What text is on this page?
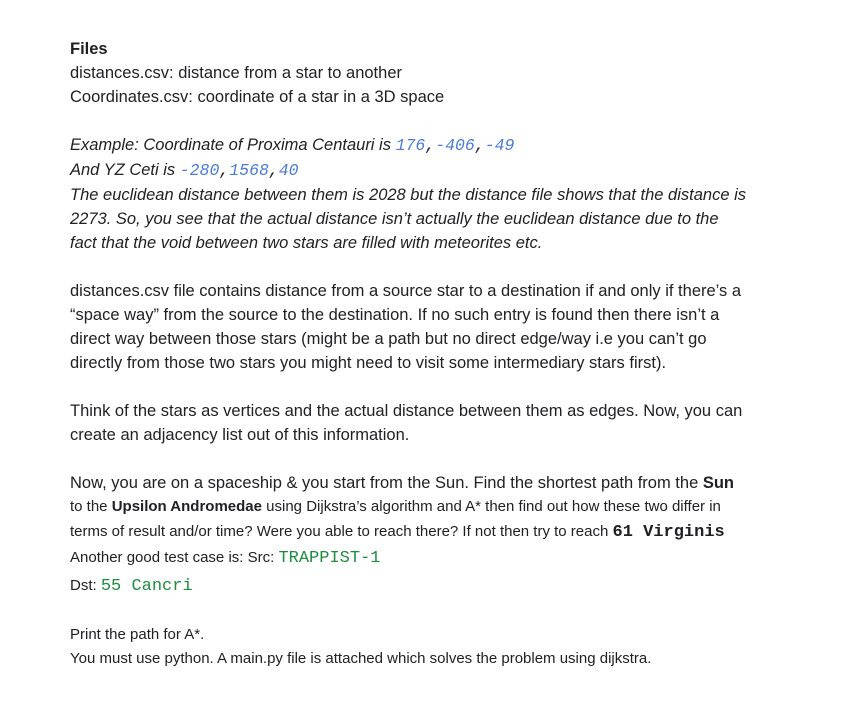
Files
distances.csv: distance from a star to another
Coordinates.csv: coordinate of a star in a 3D space
Example: Coordinate of Proxima Centauri is 176,-406,-49
And YZ Ceti is -280,1568,40
The euclidean distance between them is 2028 but the distance file shows that the distance is
2273. So, you see that the actual distance isn’t actually the euclidean distance due to the
fact that the void between two stars are filled with meteorites etc.
distances.csv file contains distance from a source star to a destination if and only if there’s a
“space way” from the source to the destination. If no such entry is found then there isn’t a
direct way between those stars (might be a path but no direct edge/way i.e you can’t go
directly from those two stars you might need to visit some intermediary stars first).
Think of the stars as vertices and the actual distance between them as edges. Now, you can
create an adjacency list out of this information.
Now, you are on a spaceship & you start from the Sun. Find the shortest path from the Sun
to the Upsilon Andromedae using Dijkstra’s algorithm and A* then find out how these two differ in
terms of result and/or time? Were you able to reach there? If not then try to reach 61 Virginis
Another good test case is: Src: TRAPPIST-1
Dst: 55 Cancri
Print the path for A*.
You must use python. A main.py file is attached which solves the problem using dijkstra.
